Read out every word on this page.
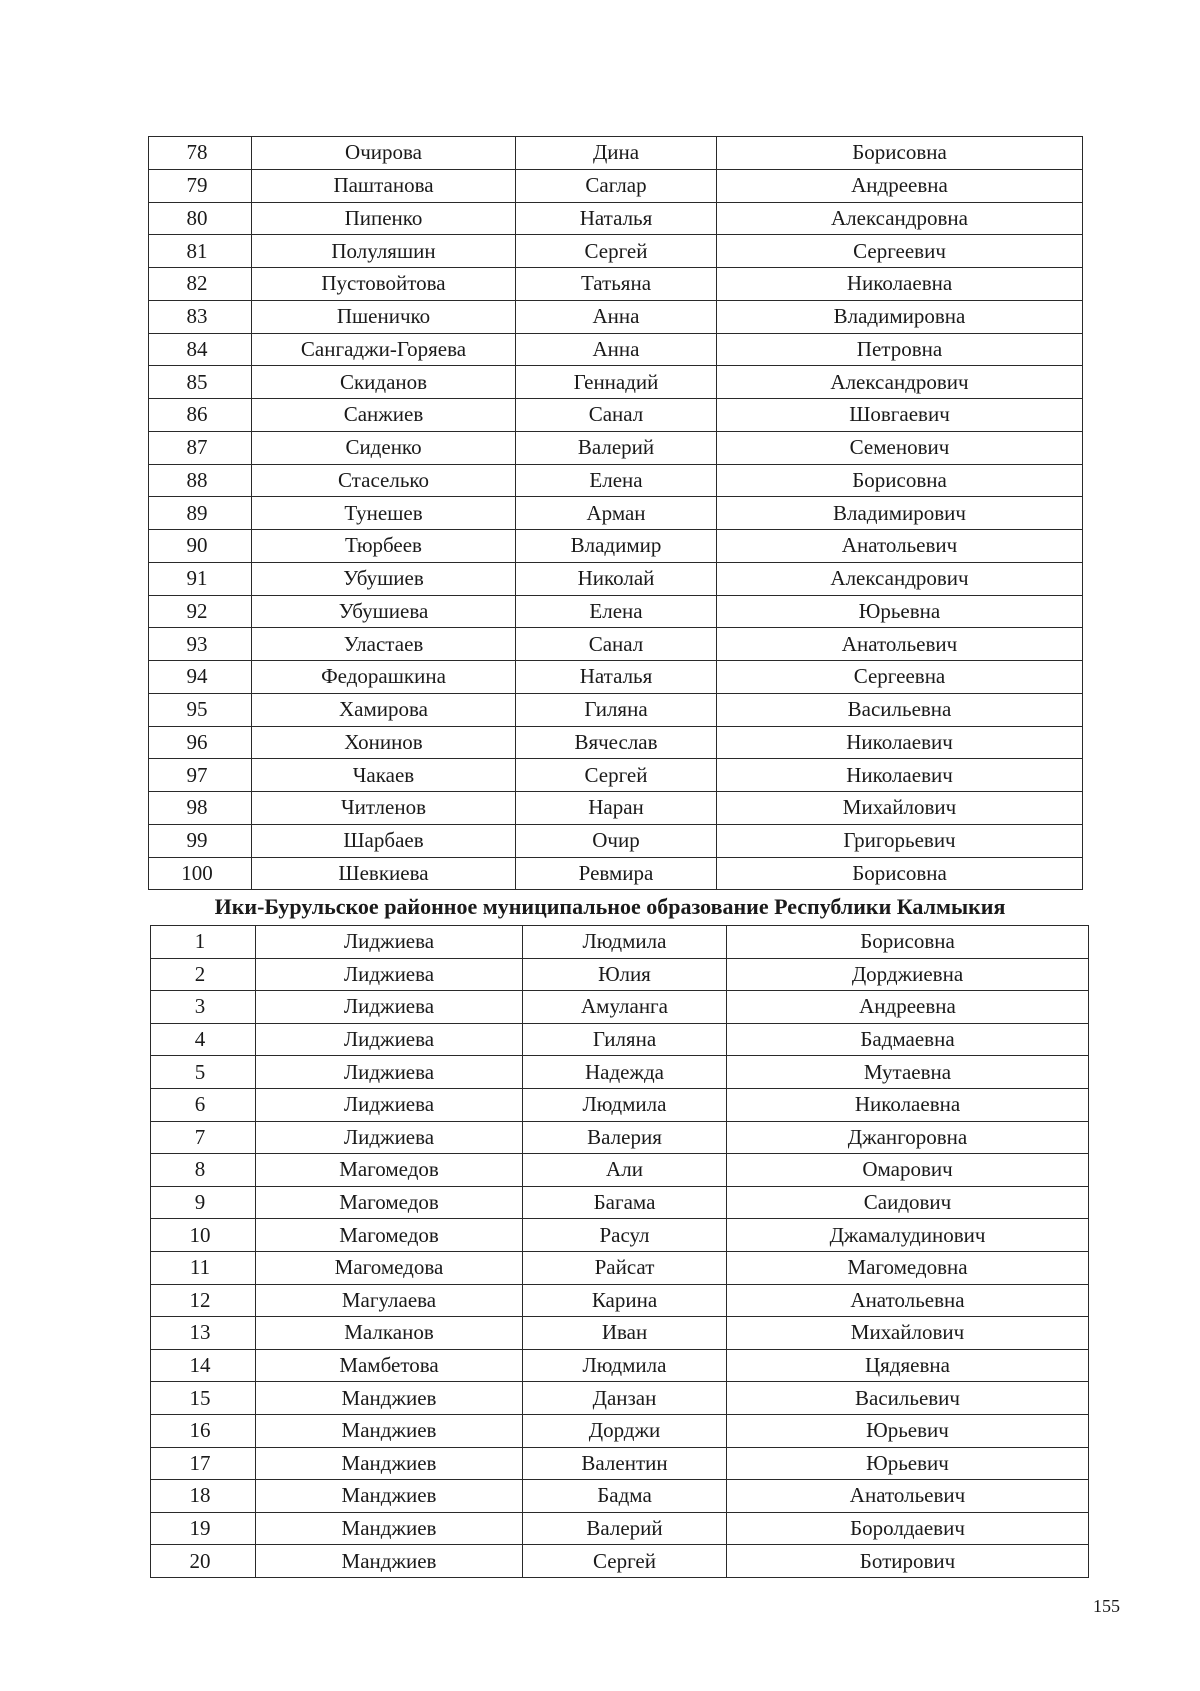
78	Очирова	Дина	Борисовна
79	Паштанова	Саглар	Андреевна
80	Пипенко	Наталья	Александровна
81	Полуляшин	Сергей	Сергеевич
82	Пустовойтова	Татьяна	Николаевна
83	Пшеничко	Анна	Владимировна
84	Сангаджи-Горяева	Анна	Петровна
85	Скиданов	Геннадий	Александрович
86	Санжиев	Санал	Шовгаевич
87	Сиденко	Валерий	Семенович
88	Стаселько	Елена	Борисовна
89	Тунешев	Арман	Владимирович
90	Тюрбеев	Владимир	Анатольевич
91	Убушиев	Николай	Александрович
92	Убушиева	Елена	Юрьевна
93	Уластаев	Санал	Анатольевич
94	Федорашкина	Наталья	Сергеевна
95	Хамирова	Гиляна	Васильевна
96	Хонинов	Вячеслав	Николаевич
97	Чакаев	Сергей	Николаевич
98	Читленов	Наран	Михайлович
99	Шарбаев	Очир	Григорьевич
100	Шевкиева	Ревмира	Борисовна
Ики-Бурульское районное муниципальное образование Республики Калмыкия
1	Лиджиева	Людмила	Борисовна
2	Лиджиева	Юлия	Дорджиевна
3	Лиджиева	Амуланга	Андреевна
4	Лиджиева	Гиляна	Бадмаевна
5	Лиджиева	Надежда	Мутаевна
6	Лиджиева	Людмила	Николаевна
7	Лиджиева	Валерия	Джангоровна
8	Магомедов	Али	Омарович
9	Магомедов	Багама	Саидович
10	Магомедов	Расул	Джамалудинович
11	Магомедова	Райсат	Магомедовна
12	Магулаева	Карина	Анатольевна
13	Малканов	Иван	Михайлович
14	Мамбетова	Людмила	Цядяевна
15	Манджиев	Данзан	Васильевич
16	Манджиев	Дорджи	Юрьевич
17	Манджиев	Валентин	Юрьевич
18	Манджиев	Бадма	Анатольевич
19	Манджиев	Валерий	Боролдаевич
20	Манджиев	Сергей	Ботирович
155
